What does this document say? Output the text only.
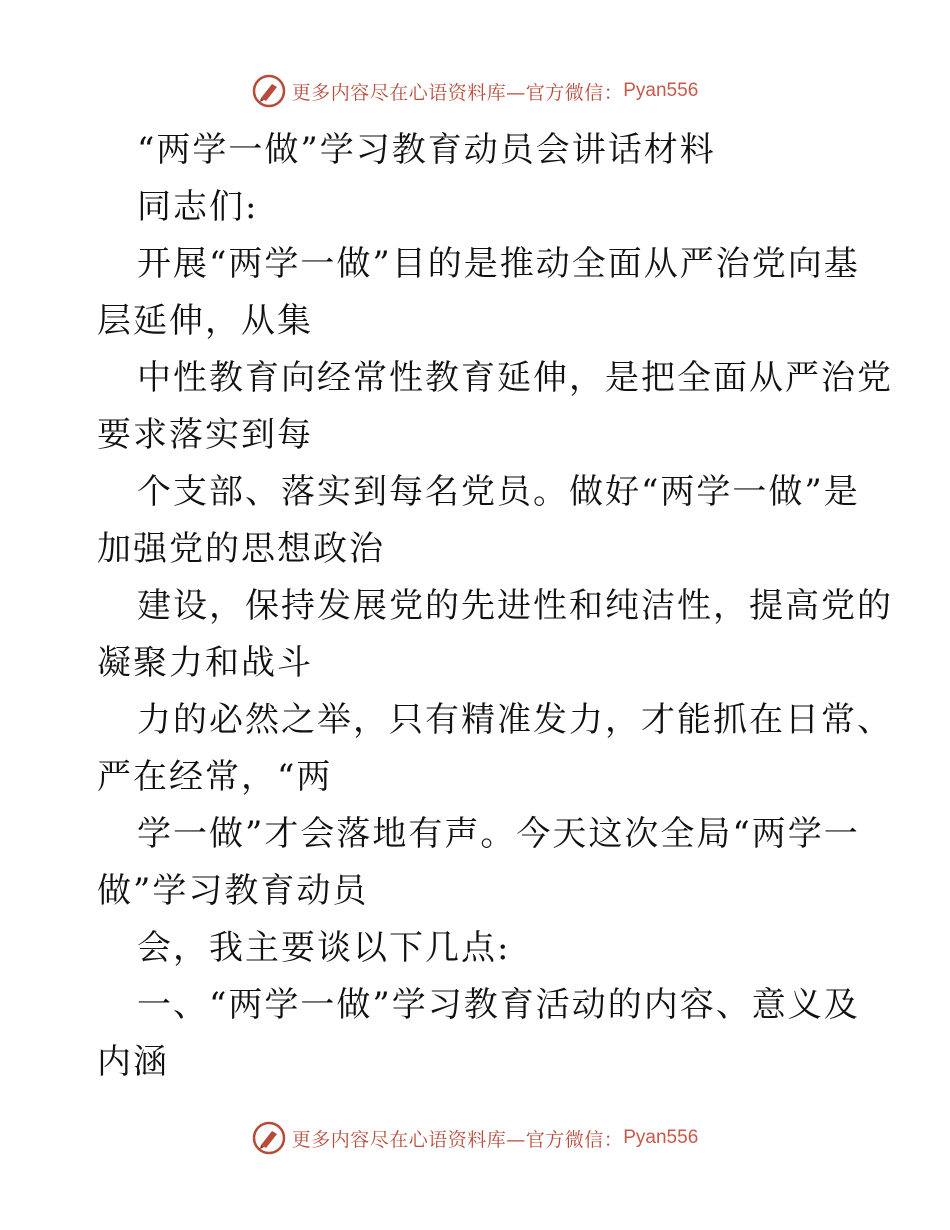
更多内容尽在心语资料库—官方微信： Pyan556
“两学一做”学习教育动员会讲话材料
同志们:
开展“两学一做”目的是推动全面从严治党向基
层延伸，从集
中性教育向经常性教育延伸，是把全面从严治党
要求落实到每
个支部、落实到每名党员。做好“两学一做”是
加强党的思想政治
建设，保持发展党的先进性和纯洁性，提高党的
凝聚力和战斗
力的必然之举，只有精准发力，才能抓在日常、
严在经常，“两
学一做”才会落地有声。今天这次全局“两学一
做”学习教育动员
会，我主要谈以下几点:
一、“两学一做”学习教育活动的内容、意义及
内涵
更多内容尽在心语资料库—官方微信： Pyan556
